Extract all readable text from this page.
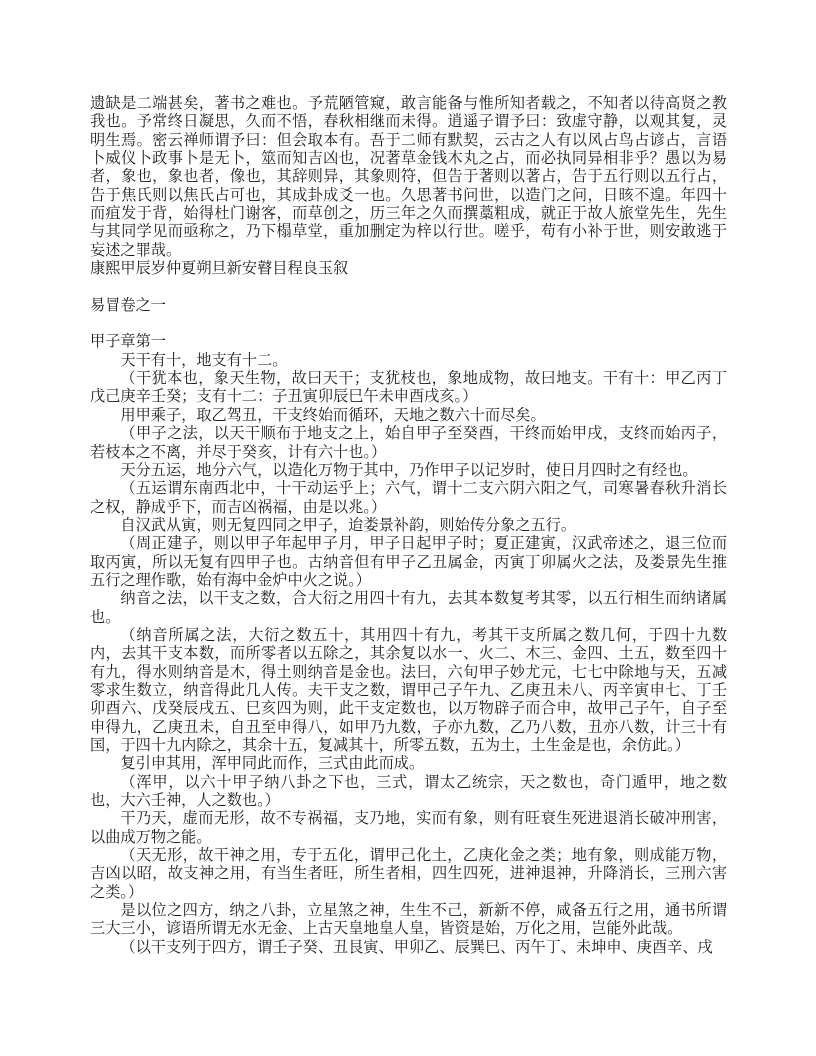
遗缺是二端甚矣，著书之难也。予荒陋管窥，敢言能备与惟所知者载之，不知者以待高贤之教我也。予常终日凝思，久而不悟，春秋相继而未得。逍遥子谓予曰：致虚守静，以观其复，灵明生焉。密云禅师谓予曰：但会取本有。吾于二师有默契，云古之人有以风占鸟占谚占，言语卜威仪卜政事卜是无卜，筮而知吉凶也，况著草金钱木丸之占，而必执同异相非乎？愚以为易者，象也，象也者，像也，其辞则异，其象则符，但告于著则以著占，告于五行则以五行占，告于焦氏则以焦氏占可也，其成卦成爻一也。久思著书问世，以造门之问，日晐不遑。年四十而疽发于背，始得杜门谢客，而草创之，历三年之久而撰藁粗成，就正于故人旅堂先生，先生与其同学见而亟称之，乃下榻草堂，重加删定为梓以行世。嗟乎，苟有小补于世，则安敢逃于妄述之罪哉。

康熙甲辰岁仲夏朔旦新安瞽目程良玉叙

易冒卷之一

甲子章第一

天干有十，地支有十二。

（干犹本也，象天生物，故曰天干；支犹枝也，象地成物，故曰地支。干有十：甲乙丙丁戊己庚辛壬癸；支有十二：子丑寅卯辰巳午未申酉戌亥。）

用甲乘子，取乙驾丑，干支终始而循环，天地之数六十而尽矣。

（甲子之法，以天干顺布于地支之上，始自甲子至癸酉，干终而始甲戌，支终而始丙子，若枝本之不离，并尽于癸亥，计有六十也。）

天分五运，地分六气，以造化万物于其中，乃作甲子以记岁时，使日月四时之有经也。

（五运谓东南西北中，十干动运乎上；六气，谓十二支六阴六阳之气，司寒暑春秋升消长之权，静成乎下，而吉凶祸福，由是以兆。）

自汉武从寅，则无复四同之甲子，迨娄景补韵，则始传分象之五行。

（周正建子，则以甲子年起甲子月，甲子日起甲子时；夏正建寅，汉武帝述之，退三位而取丙寅，所以无复有四甲子也。古纳音但有甲子乙丑属金，丙寅丁卯属火之法，及娄景先生推五行之理作歌，始有海中金炉中火之说。）

纳音之法，以干支之数，合大衍之用四十有九，去其本数复考其零，以五行相生而纳诸属也。

（纳音所属之法，大衍之数五十，其用四十有九，考其干支所属之数几何，于四十九数内，去其干支本数，而所零者以五除之，其余复以水一、火二、木三、金四、土五，数至四十有九，得水则纳音是木，得土则纳音是金也。法曰，六旬甲子妙尤元，七七中除地与天，五减零求生数立，纳音得此几人传。夫干支之数，谓甲己子午九、乙庚丑未八、丙辛寅申七、丁壬卯酉六、戊癸辰戌五、巳亥四为则，此干支定数也，以万物辟子而合申，故甲己子午，自子至申得九，乙庚丑未，自丑至申得八，如甲乃九数，子亦九数，乙乃八数，丑亦八数，计三十有国，于四十九内除之，其余十五，复减其十，所零五数，五为土，土生金是也，余仿此。）

复引申其用，浑甲同此而作，三式由此而成。

（浑甲，以六十甲子纳八卦之下也，三式，谓太乙统宗，天之数也，奇门遁甲，地之数也，大六壬神，人之数也。）

干乃天，虚而无形，故不专祸福，支乃地，实而有象，则有旺衰生死进退消长破冲刑害，以曲成万物之能。

（天无形，故干神之用，专于五化，谓甲己化土，乙庚化金之类；地有象，则成能万物，吉凶以昭，故支神之用，有当生者旺，所生者相，四生四死，进神退神，升降消长，三刑六害之类。）

是以位之四方，纳之八卦，立星煞之神，生生不己，新新不停，咸备五行之用，通书所谓三大三小，谚语所谓无水无金、上古天皇地皇人皇，皆资是始，万化之用，岂能外此哉。

（以干支列于四方，谓壬子癸、丑艮寅、甲卯乙、辰巽巳、丙午丁、未坤申、庚酉辛、戌
